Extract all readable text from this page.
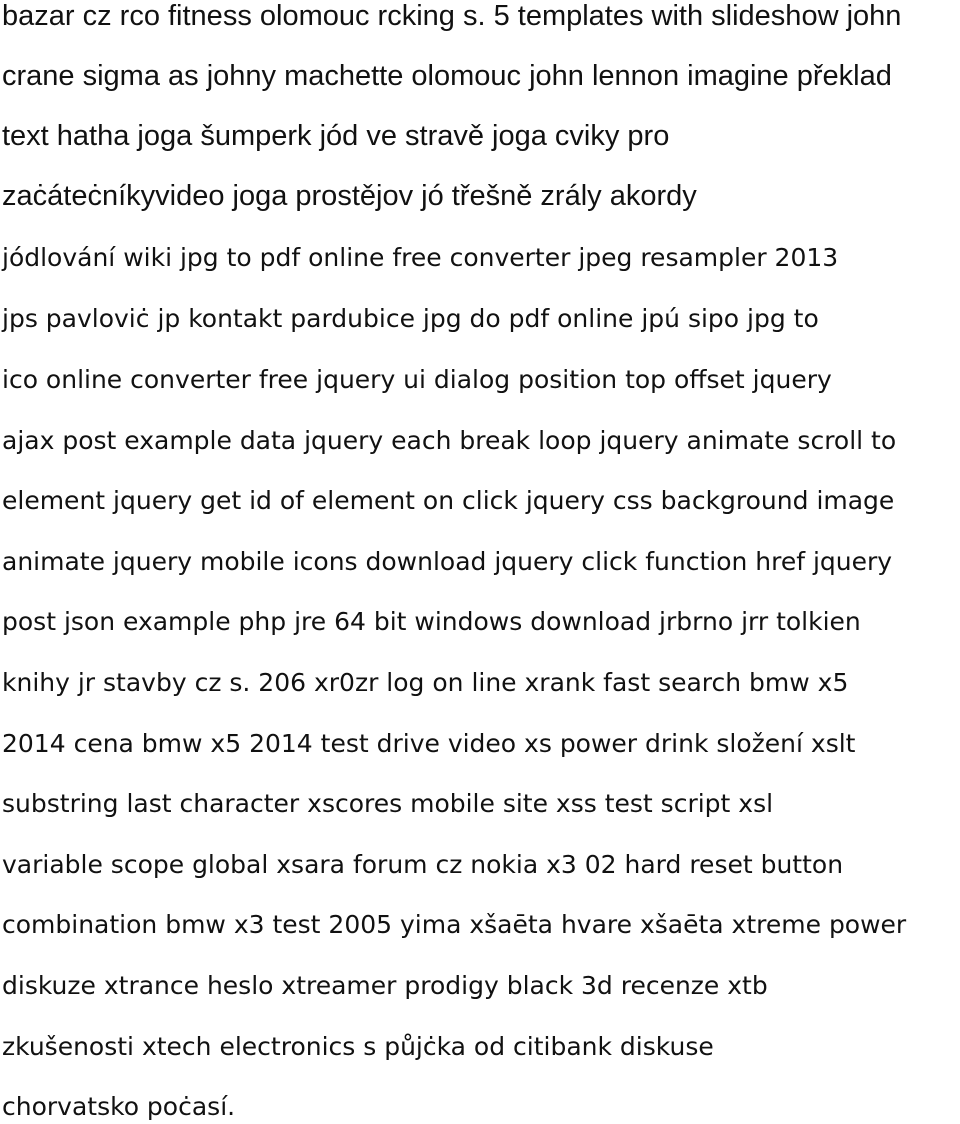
bazar cz rco fitness olomouc rcking s. 5 templates with slideshow john
crane sigma as johny machette olomouc john lennon imagine překlad
text hatha joga šumperk jód ve stravě joga cviky pro
zaċáteċníkyvideo joga prostějov jó třešně zrály akordy
jódlování wiki jpg to pdf online free converter jpeg resampler 2013
jps pavloviċ jp kontakt pardubice jpg do pdf online jpú sipo jpg to
ico online converter free jquery ui dialog position top offset jquery
ajax post example data jquery each break loop jquery animate scroll to
element jquery get id of element on click jquery css background image
animate jquery mobile icons download jquery click function href jquery
post json example php jre 64 bit windows download jrbrno jrr tolkien
knihy jr stavby cz s. 206 xr0zr log on line xrank fast search bmw x5
2014 cena bmw x5 2014 test drive video xs power drink složení xslt
substring last character xscores mobile site xss test script xsl
variable scope global xsara forum cz nokia x3 02 hard reset button
combination bmw x3 test 2005 yima xšaēta hvare xšaēta xtreme power
diskuze xtrance heslo xtreamer prodigy black 3d recenze xtb
zkušenosti xtech electronics s půjċka od citibank diskuse
chorvatsko poċasí.
